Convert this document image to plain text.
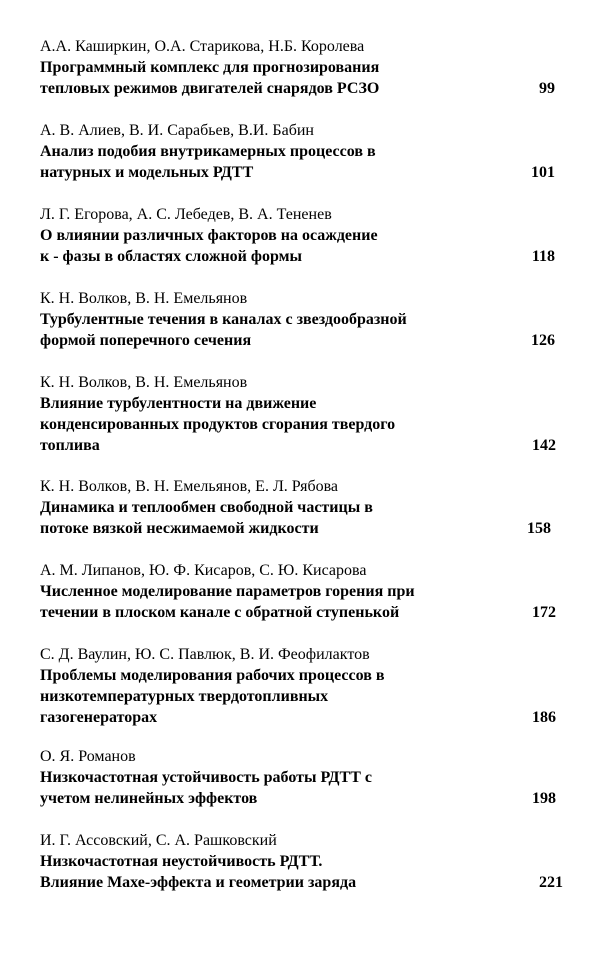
А.А. Каширкин, О.А. Старикова, Н.Б. Королева
Программный комплекс для прогнозирования
тепловых режимов двигателей снарядов РСЗО	99
А. В. Алиев, В. И. Сарабьев, В.И. Бабин
Анализ подобия внутрикамерных процессов в
натурных и модельных РДТТ	101
Л. Г. Егорова, А. С. Лебедев, В. А. Тененев
О влиянии различных факторов на осаждение
к - фазы в областях сложной формы	118
К. Н. Волков, В. Н. Емельянов
Турбулентные течения в каналах с звездообразной
формой поперечного сечения	126
К. Н. Волков, В. Н. Емельянов
Влияние турбулентности на движение
конденсированных продуктов сгорания твердого
топлива	142
К. Н. Волков, В. Н. Емельянов, Е. Л. Рябова
Динамика и теплообмен свободной частицы в
потоке вязкой несжимаемой жидкости	158
А. М. Липанов, Ю. Ф. Кисаров, С. Ю. Кисарова
Численное моделирование параметров горения при
течении в плоском канале с обратной ступенькой	172
С. Д. Ваулин, Ю. С. Павлюк, В. И. Феофилактов
Проблемы моделирования рабочих процессов в
низкотемпературных твердотопливных
газогенераторах	186
О. Я. Романов
Низкочастотная устойчивость работы РДТТ с
учетом нелинейных эффектов	198
И. Г. Ассовский, С. А. Рашковский
Низкочастотная неустойчивость РДТТ.
Влияние Махе-эффекта и геометрии заряда	221
